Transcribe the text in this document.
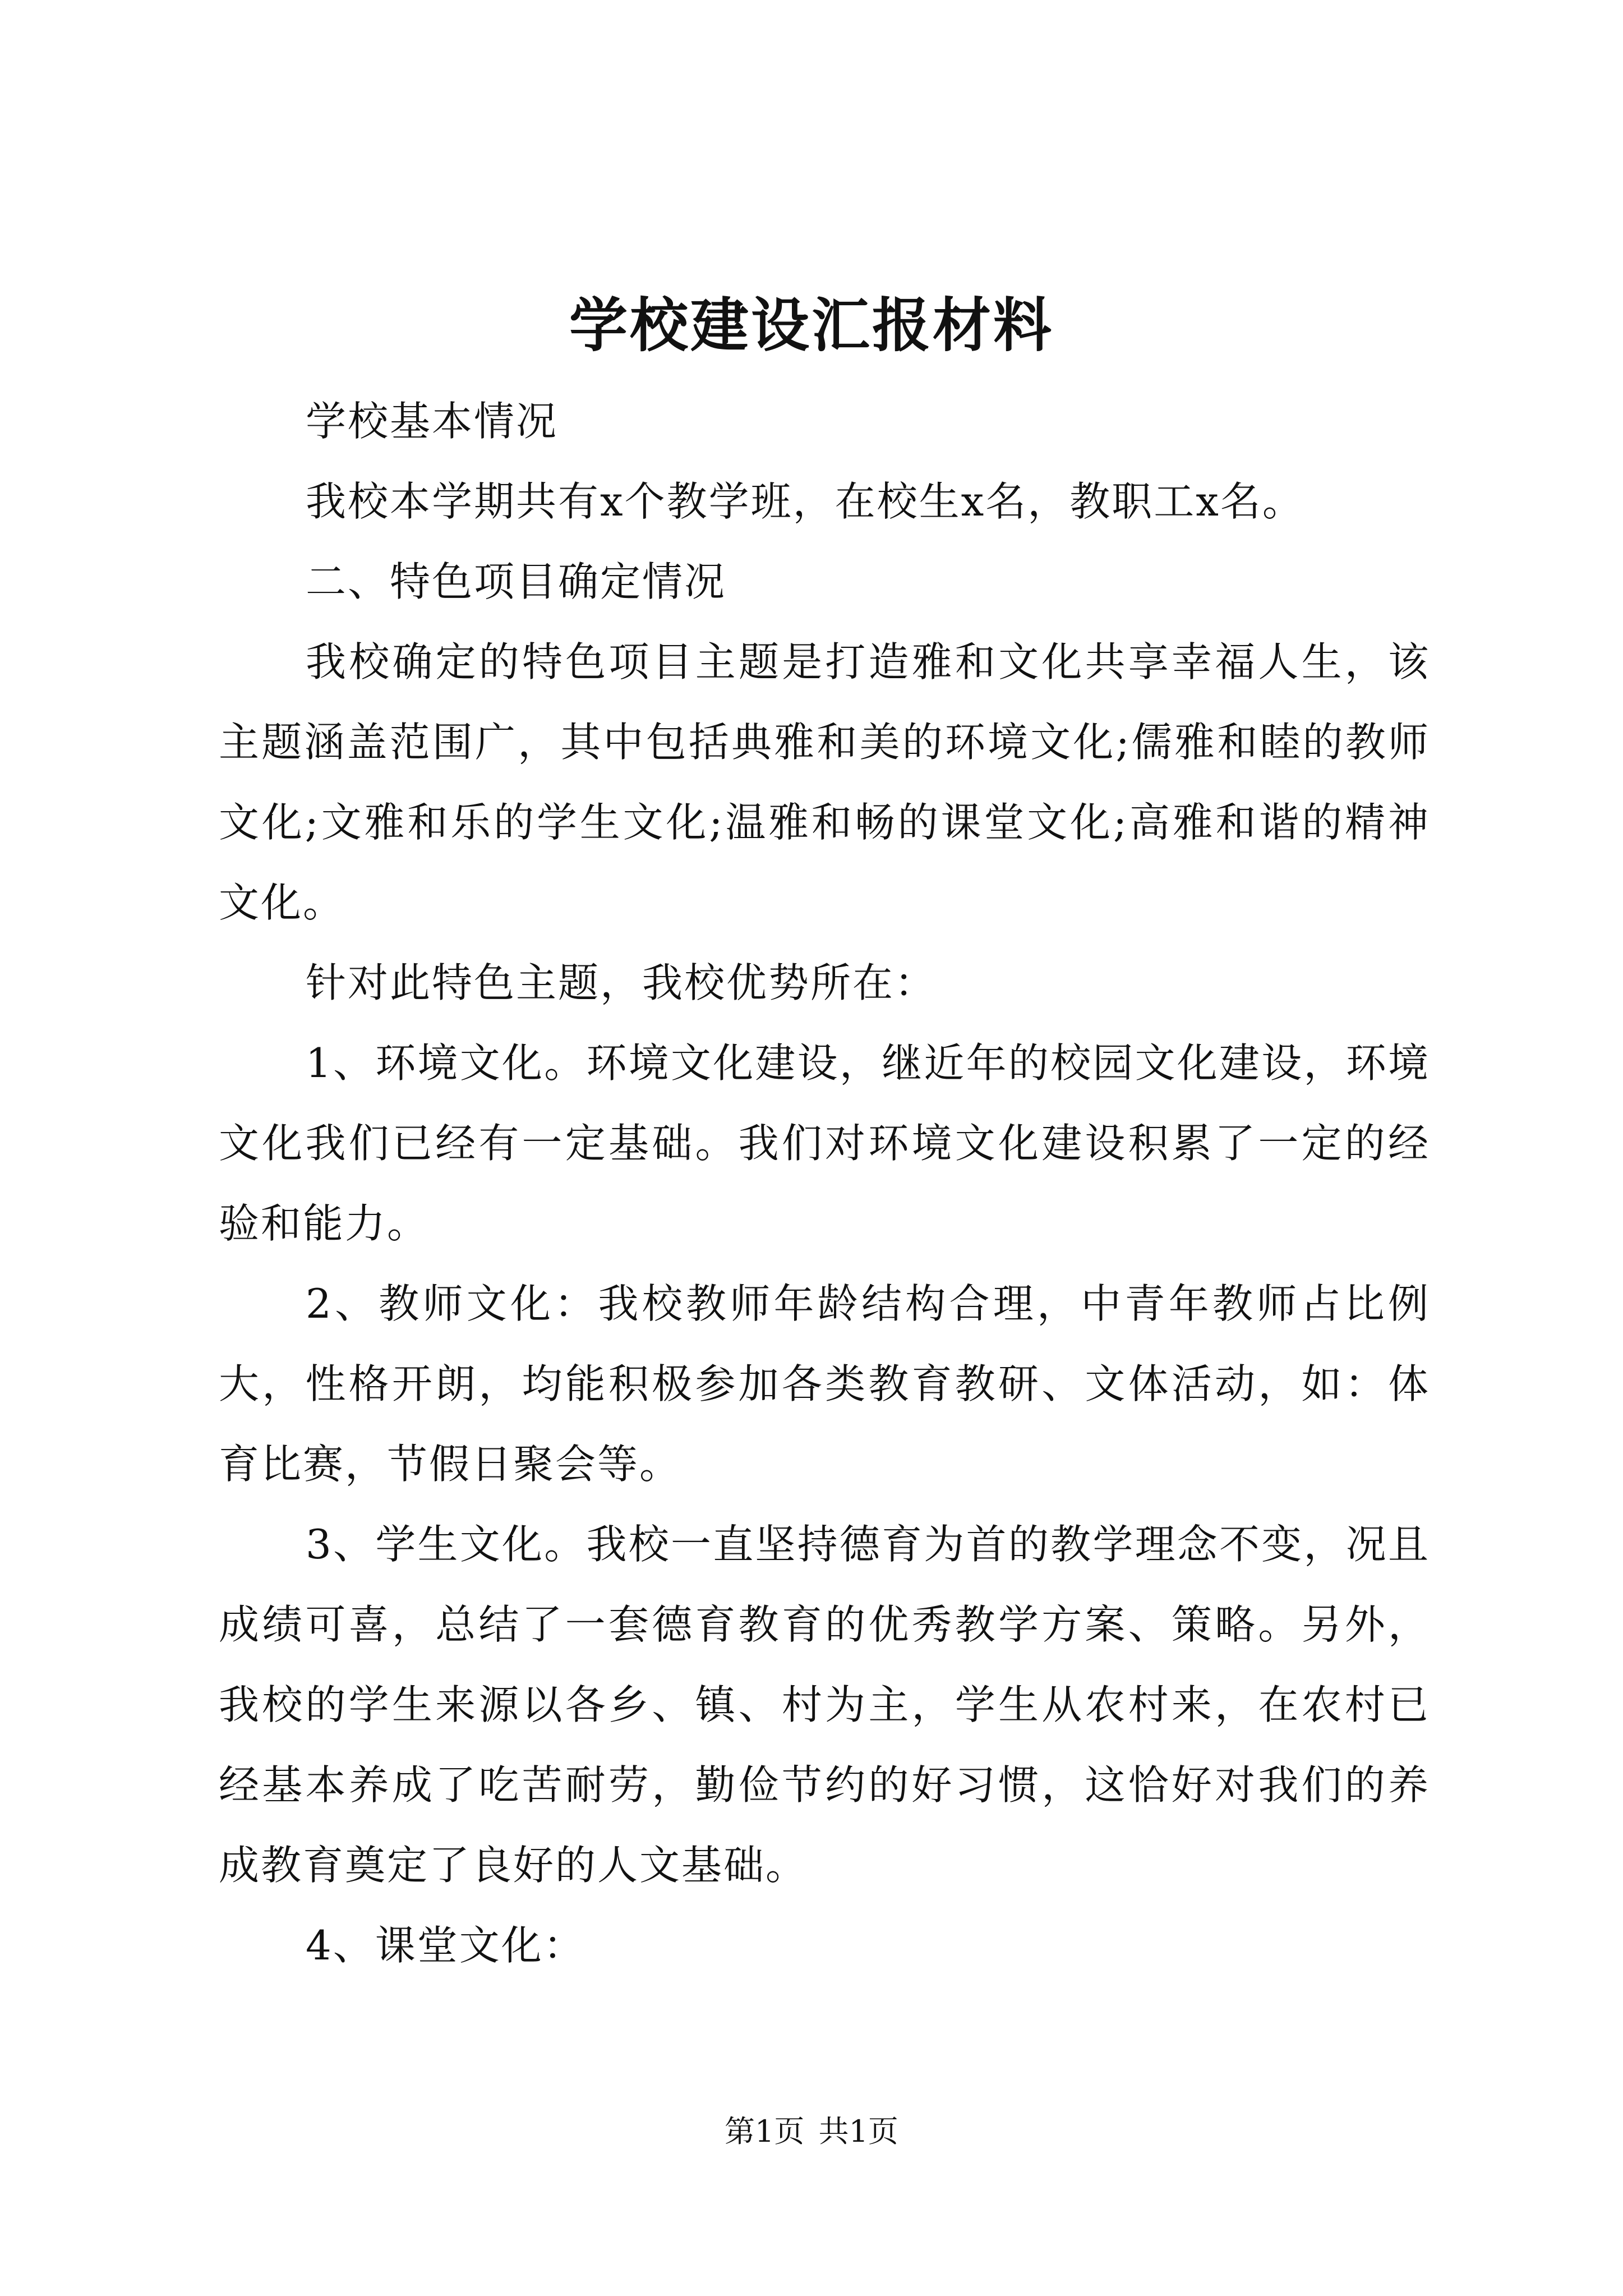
学校建设汇报材料

学校基本情况

我校本学期共有x个教学班，在校生x名，教职工x名。

二、特色项目确定情况

我校确定的特色项目主题是打造雅和文化共享幸福人生，该主题涵盖范围广，其中包括典雅和美的环境文化;儒雅和睦的教师文化;文雅和乐的学生文化;温雅和畅的课堂文化;高雅和谐的精神文化。

针对此特色主题，我校优势所在：

1、环境文化。环境文化建设，继近年的校园文化建设，环境文化我们已经有一定基础。我们对环境文化建设积累了一定的经验和能力。

2、教师文化：我校教师年龄结构合理，中青年教师占比例大，性格开朗，均能积极参加各类教育教研、文体活动，如：体育比赛，节假日聚会等。

3、学生文化。我校一直坚持德育为首的教学理念不变，况且成绩可喜，总结了一套德育教育的优秀教学方案、策略。另外，我校的学生来源以各乡、镇、村为主，学生从农村来，在农村已经基本养成了吃苦耐劳，勤俭节约的好习惯，这恰好对我们的养成教育奠定了良好的人文基础。

4、课堂文化：

第1页 共1页
